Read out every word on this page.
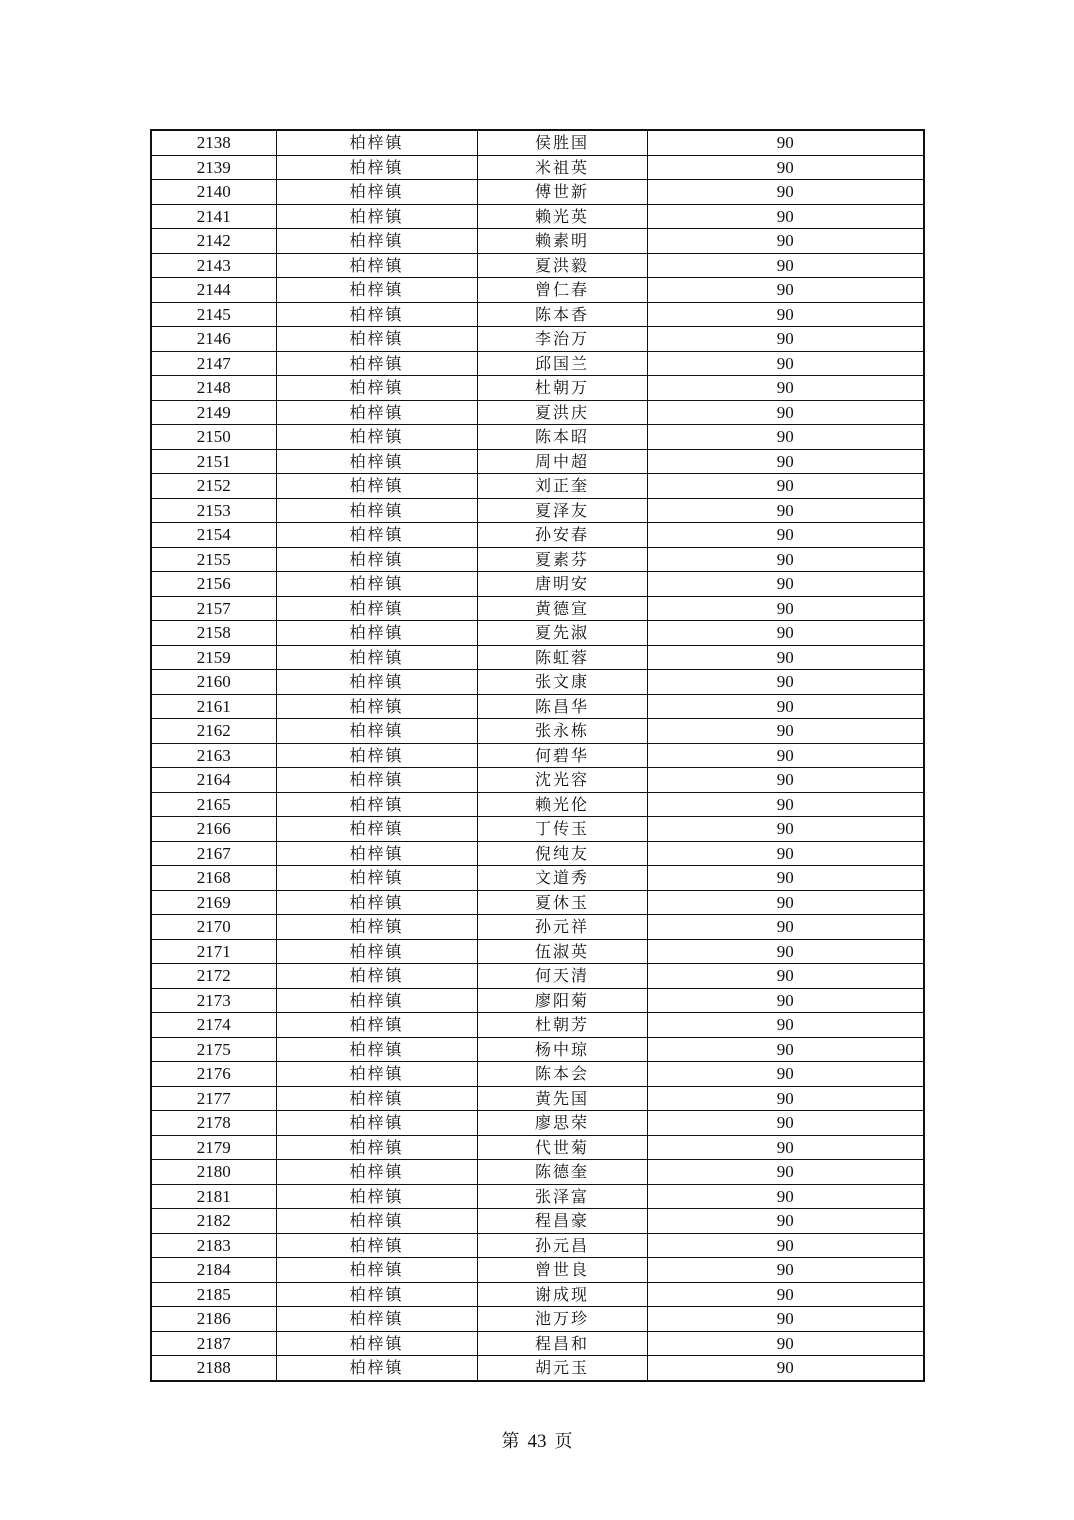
2138	柏梓镇	侯胜国	90
2139	柏梓镇	米祖英	90
2140	柏梓镇	傅世新	90
2141	柏梓镇	赖光英	90
2142	柏梓镇	赖素明	90
2143	柏梓镇	夏洪毅	90
2144	柏梓镇	曾仁春	90
2145	柏梓镇	陈本香	90
2146	柏梓镇	李治万	90
2147	柏梓镇	邱国兰	90
2148	柏梓镇	杜朝万	90
2149	柏梓镇	夏洪庆	90
2150	柏梓镇	陈本昭	90
2151	柏梓镇	周中超	90
2152	柏梓镇	刘正奎	90
2153	柏梓镇	夏泽友	90
2154	柏梓镇	孙安春	90
2155	柏梓镇	夏素芬	90
2156	柏梓镇	唐明安	90
2157	柏梓镇	黄德宣	90
2158	柏梓镇	夏先淑	90
2159	柏梓镇	陈虹蓉	90
2160	柏梓镇	张文康	90
2161	柏梓镇	陈昌华	90
2162	柏梓镇	张永栋	90
2163	柏梓镇	何碧华	90
2164	柏梓镇	沈光容	90
2165	柏梓镇	赖光伦	90
2166	柏梓镇	丁传玉	90
2167	柏梓镇	倪纯友	90
2168	柏梓镇	文道秀	90
2169	柏梓镇	夏休玉	90
2170	柏梓镇	孙元祥	90
2171	柏梓镇	伍淑英	90
2172	柏梓镇	何天清	90
2173	柏梓镇	廖阳菊	90
2174	柏梓镇	杜朝芳	90
2175	柏梓镇	杨中琼	90
2176	柏梓镇	陈本会	90
2177	柏梓镇	黄先国	90
2178	柏梓镇	廖思荣	90
2179	柏梓镇	代世菊	90
2180	柏梓镇	陈德奎	90
2181	柏梓镇	张泽富	90
2182	柏梓镇	程昌豪	90
2183	柏梓镇	孙元昌	90
2184	柏梓镇	曾世良	90
2185	柏梓镇	谢成现	90
2186	柏梓镇	池万珍	90
2187	柏梓镇	程昌和	90
2188	柏梓镇	胡元玉	90
第 43 页
